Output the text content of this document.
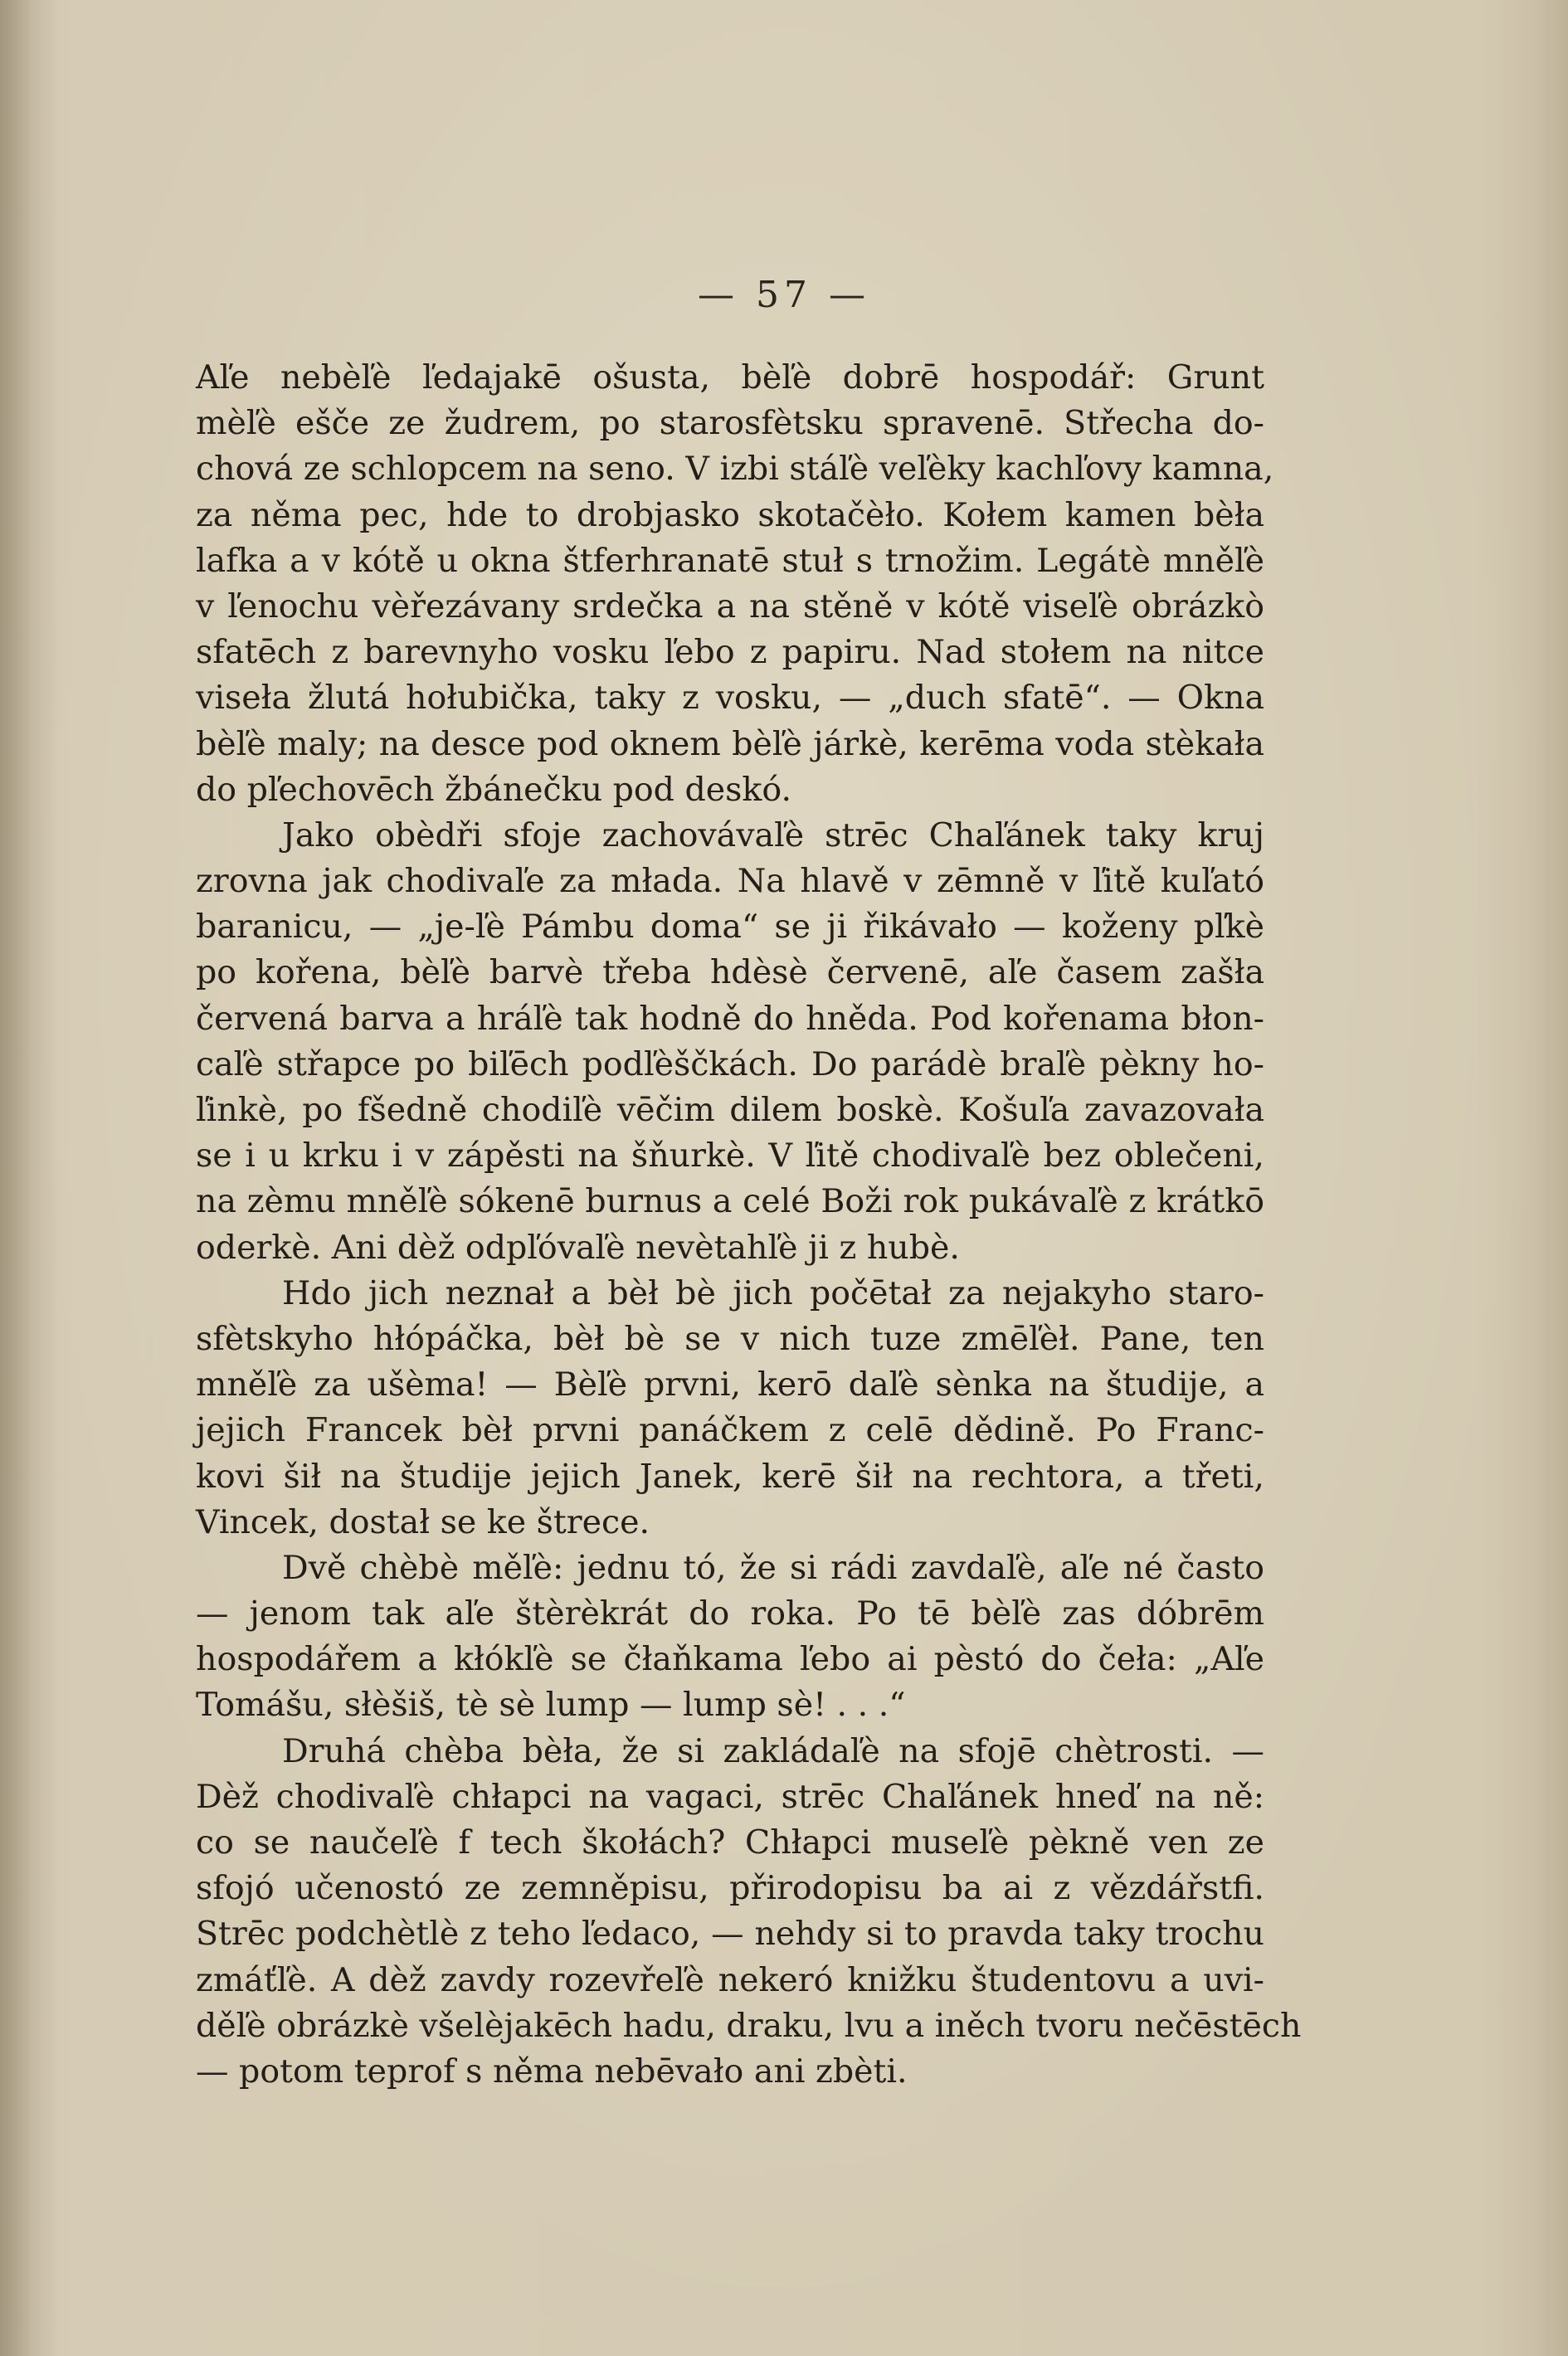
— 57 —
Aľe nebèľè ľedajakē ošusta, bèľè dobrē hospodář: Grunt
mèľè ešče ze žudrem, po starosfètsku spravenē. Střecha do-
chová ze schlopcem na seno. V izbi stáľè veľèky kachľovy kamna,
za něma pec, hde to drobjasko skotačèło. Kołem kamen bèła
lafka a v kótě u okna štferhranatē stuł s trnožim. Legátè mněľè
v ľenochu vèřezávany srdečka a na stěně v kótě viseľè obrázkò
sfatēch z barevnyho vosku ľebo z papiru. Nad stołem na nitce
viseła žlutá hołubička, taky z vosku, — „duch sfatē“. — Okna
bèľè maly; na desce pod oknem bèľè járkè, kerēma voda stèkała
do pľechovēch žbánečku pod deskó.
Jako obèdři sfoje zachovávaľè strēc Chaľánek taky kruj
zrovna jak chodivaľe za młada. Na hlavě v zēmně v ľitě kuľató
baranicu, — „je-ľè Pámbu doma“ se ji řikávało — koženy pľkè
po kořena, bèľè barvè třeba hdèsè červenē, aľe časem zašła
červená barva a hráľè tak hodně do hněda. Pod kořenama błon-
caľè střapce po biľēch podľèščkách. Do parádè braľè pèkny ho-
ľinkè, po fšedně chodiľè vēčim dilem boskè. Košuľa zavazovała
se i u krku i v zápěsti na šňurkè. V ľitě chodivaľè bez oblečeni,
na zèmu mněľè sókenē burnus a celé Boži rok pukávaľè z krátkō
oderkè. Ani dèž odpľóvaľè nevètahľè ji z hubè.
Hdo jich neznał a bèł bè jich počētał za nejakyho staro-
sfètskyho hłópáčka, bèł bè se v nich tuze zmēľèł. Pane, ten
mněľè za ušèma! — Bèľè prvni, kerō daľè sènka na študije, a
jejich Francek bèł prvni panáčkem z celē dědině. Po Franc-
kovi šił na študije jejich Janek, kerē šił na rechtora, a třeti,
Vincek, dostał se ke štrece.
Dvě chèbè měľè: jednu tó, že si rádi zavdaľè, aľe né často
— jenom tak aľe štèrèkrát do roka. Po tē bèľè zas dóbrēm
hospodářem a kłókľè se čłaňkama ľebo ai pèstó do čeła: „Aľe
Tomášu, słèšiš, tè sè lump — lump sè! . . .“
Druhá chèba bèła, že si zakládaľè na sfojē chètrosti. —
Dèž chodivaľè chłapci na vagaci, strēc Chaľánek hneď na ně:
co se naučeľè f tech škołách? Chłapci museľè pèkně ven ze
sfojó učenostó ze zemněpisu, přirodopisu ba ai z vězdářstfi.
Strēc podchètlè z teho ľedaco, — nehdy si to pravda taky trochu
zmáťľè. A dèž zavdy rozevřeľè nekeró knižku študentovu a uvi-
děľè obrázkè všelèjakēch hadu, draku, lvu a iněch tvoru nečēstēch
— potom teprof s něma nebēvało ani zbèti.
